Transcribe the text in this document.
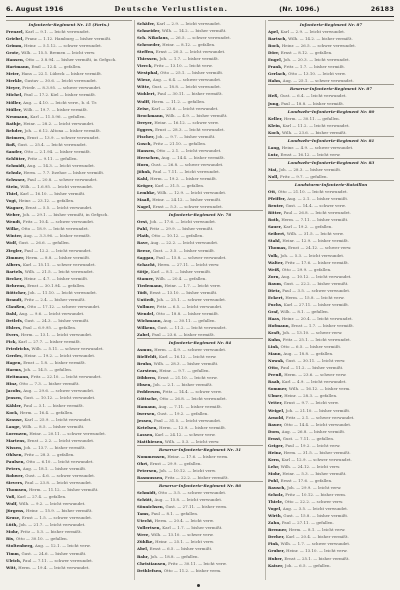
6. August 1916	Deutsche Verlustlisten.	(Nr. 1096.)	26183
Infanterie-Regiment Nr. 15 (Forts.)
Frenzel, Karl — 9.1. — leicht verwundet.
Griebel, Franz — 1.12. Hamburg — bisher vermißt.
Grimm, Heinr. — 5.1.12. — schwer verwundet.
Grote, Wilh. — 15.5. Bremen — leicht verw.
Hansen, Otto — 3.8.94. — bisher vermißt, in Gefgsch.
Hartmann, Emil — 12.4. — gefallen.
Meier, Hans — 22.1. Lübeck — bisher vermißt.
Merkle, Gustav — 30.6. — leicht verwundet.
Meyer, Friedr. — 8.3.95. — schwer verwundet.
Michel, Paul — 17.2. Kiel — bisher vermißt.
Möller, Aug. — 4.10. — leicht verw., b. d. Tr.
Müller, Wilh. — 19.7. — bisher vermißt.
Neumann, Karl — 11.5.96. — gefallen.
Rathje, Heinr. — 28.2. — leicht verwundet.
Rehder, Joh. — 6.12. Altona — bisher vermißt.
Reimers, Ernst — 13.9. — schwer verwundet.
Roß, Gust. — 25.4. — leicht verwundet.
Sander, Otto — 2.1.94. — bisher vermißt.
Schlüter, Fritz — 9.11. — gefallen.
Schmidt, Aug. — 14.3. — leicht verwundet.
Schulz, Herm. — 7.7. Itzehoe — bisher vermißt.
Schwarz, Paul — 20.8. — schwer verwundet.
Stein, Wilh. — 1.6.95. — leicht verwundet.
Thiel, Karl — 16.10. — bisher vermißt.
Vogt, Heinr. — 23.12. — gefallen.
Wagner, Ernst — 5.5. — leicht verwundet.
Weber, Joh. — 29.1. — bisher vermißt, in Gefgsch.
Wendt, Fritz — 10.4. — schwer verwundet.
Wilke, Otto — 18.9. — leicht verwundet.
Winter, Aug. — 3.3.96. — bisher vermißt.
Wolf, Gust. — 26.6. — gefallen.
Ziegler, Paul — 12.2. — leicht verwundet.
Zimmer, Herm. — 8.8. — bisher vermißt.
Albers, Karl — 15.11. — schwer verwundet.
Bartels, Wilh. — 21.5. — leicht verwundet.
Becker, Heinr. — 4.7. — bisher vermißt.
Behrens, Ernst — 30.1.94. — gefallen.
Böttcher, Joh. — 11.10. — leicht verwundet.
Brandt, Fritz — 2.4. — bisher vermißt.
Claußen, Otto — 17.12. — schwer verwundet.
Dahl, Aug. — 9.6. — leicht verwundet.
Detlefs, Gust. — 24.3. — bisher vermißt.
Ehlers, Paul — 6.9.95. — gefallen.
Evers, Herm. — 13.1. — leicht verwundet.
Fick, Karl — 27.7. — bisher vermißt.
Friedrichs, Wilh. — 5.11. — schwer verwundet.
Gerdes, Heinr. — 19.2. — leicht verwundet.
Hagen, Ernst — 1.8. — bisher vermißt.
Harms, Joh. — 14.5. — gefallen.
Heitmann, Fritz — 22.10. — leicht verwundet.
Hinz, Otto — 7.3. — bisher vermißt.
Jacobs, Aug. — 29.6. — schwer verwundet.
Jensen, Gust. — 10.12. — leicht verwundet.
Kähler, Paul — 3.1. — bisher vermißt.
Kock, Herm. — 16.4. — gefallen.
Krause, Karl — 25.9. — leicht verwundet.
Lange, Wilh. — 8.5. — bisher vermißt.
Lorenzen, Heinr. — 20.11. — schwer verwundet.
Martens, Ernst — 2.2. — leicht verwundet.
Nissen, Joh. — 13.7. — bisher vermißt.
Ohlsen, Fritz — 28.3. — gefallen.
Paulsen, Otto — 6.10. — leicht verwundet.
Peters, Aug. — 18.1. — bisher vermißt.
Rohwer, Gust. — 4.6. — schwer verwundet.
Sievers, Paul — 23.8. — leicht verwundet.
Thomsen, Herm. — 11.12. — bisher vermißt.
Voß, Karl — 27.4. — gefallen.
Wulf, Wilh. — 9.2. — leicht verwundet.
Jürgens, Heinr. — 15.9. — bisher vermißt.
Kruse, Ernst — 1.5. — schwer verwundet.
Lüth, Joh. — 21.7. — leicht verwundet.
Mohr, Fritz — 5.3. — bisher vermißt.
Rix, Otto — 30.10. — gefallen.
Stoltenberg, Aug. — 12.1. — leicht verw.
Timm, Gust. — 24.6. — bisher vermißt.
Ulrich, Paul — 7.11. — schwer verwundet.
Witt, Herm. — 19.4. — leicht verwundet.
Schäfer, Karl — 2.9. — leicht verwundet.
Schneider, Wilh. — 14.2. — bisher vermißt.
Sch. Nikolaus, — 26.5. — schwer verwundet.
Schroeder, Heinr. — 8.12. — gefallen.
Steffen, Ernst — 20.3. — leicht verwundet.
Thiessen, Joh. — 1.7. — bisher vermißt.
Vierck, Fritz — 13.10. — leicht verw.
Westphal, Otto — 25.1. — bisher vermißt.
Wiese, Aug. — 6.4. — schwer verwundet.
Witte, Gust. — 18.8. — leicht verwundet.
Wohlert, Paul — 30.11. — bisher vermißt.
Wulff, Herm. — 11.2. — gefallen.
Zeise, Karl — 23.6. — leicht verwundet.
Brockmann, Wilh. — 4.9. — bisher vermißt.
Dreyer, Heinr. — 16.12. — schwer verw.
Eggers, Ernst — 28.3. — leicht verwundet.
Fischer, Joh. — 9.7. — bisher vermißt.
Gosch, Fritz — 21.10. — gefallen.
Hansen, Otto — 2.1. — leicht verwundet.
Heeschen, Aug. — 14.4. — bisher vermißt.
Horn, Gust. — 26.8. — schwer verwundet.
Jöhnk, Paul — 7.11. — leicht verwundet.
Kahl, Herm. — 19.2. — bisher vermißt.
Kröger, Karl — 31.5. — gefallen.
Lembke, Wilh. — 12.9. — leicht verwundet.
Maaß, Heinr. — 24.12. — bisher vermißt.
Nagel, Ernst — 5.3. — schwer verwundet.
Infanterie-Regiment Nr. 76
Oest, Joh. — 17.6. — leicht verwundet.
Pahl, Fritz — 29.9. — bisher vermißt.
Plath, Otto — 10.12. — gefallen.
Rave, Aug. — 22.2. — leicht verwundet.
Reese, Gust. — 3.5. — bisher vermißt.
Saggau, Paul — 15.8. — schwer verwundet.
Schacht, Herm. — 27.11. — leicht verw.
Sötje, Karl — 8.1. — bisher vermißt.
Stamer, Wilh. — 20.4. — gefallen.
Tiedemann, Heinr. — 1.7. — leicht verw.
Tödt, Ernst — 13.10. — bisher vermißt.
Untiedt, Joh. — 25.1. — schwer verwundet.
Vollmer, Fritz — 6.5. — leicht verwundet.
Wendel, Otto — 18.8. — bisher vermißt.
Wichmann, Aug. — 30.11. — gefallen.
Wilkens, Gust. — 11.2. — leicht verwundet.
Zabel, Paul — 23.6. — bisher vermißt.
Infanterie-Regiment Nr. 84
Asmus, Herm. — 4.9. — schwer verwundet.
Bielfeldt, Karl — 16.12. — leicht verw.
Bruhn, Wilh. — 28.3. — bisher vermißt.
Carstens, Heinr. — 9.7. — gefallen.
Dibbern, Ernst — 21.10. — leicht verw.
Ebsen, Joh. — 2.1. — bisher vermißt.
Feddersen, Fritz — 14.4. — schwer verw.
Göttsche, Otto — 26.8. — leicht verwundet.
Hamann, Aug. — 7.11. — bisher vermißt.
Iwersen, Gust. — 19.2. — gefallen.
Jessen, Paul — 31.5. — leicht verwundet.
Ketelsen, Herm. — 12.9. — bisher vermißt.
Lassen, Karl — 24.12. — schwer verw.
Matthiesen, Wilh. — 5.3. — leicht verw.
Reserve-Infanterie-Regiment Nr. 31
Nommensen, Heinr. — 17.6. — bisher verm.
Ohrt, Ernst — 29.9. — gefallen.
Petersen, Joh. — 10.12. — leicht verw.
Rasmussen, Fritz — 22.2. — bisher vermißt.
Reserve-Infanterie-Regiment Nr. 86
Schmidt, Otto — 3.5. — schwer verwundet.
Schütt, Aug. — 15.8. — leicht verwundet.
Sönnichsen, Gust. — 27.11. — bisher verm.
Tams, Paul — 8.1. — gefallen.
Utecht, Herm. — 20.4. — leicht verw.
Vollertsen, Karl — 1.7. — bisher vermißt.
Wree, Wilh. — 13.10. — schwer verw.
Zühlke, Heinr. — 25.1. — leicht verw.
Abel, Ernst — 6.5. — bisher vermißt.
Bahr, Joh. — 18.8. — gefallen.
Christiansen, Fritz — 30.11. — leicht verw.
Dethlefsen, Otto — 11.2. — bisher verm.
Infanterie-Regiment Nr. 87
Apel, Karl — 2.9. — leicht verwundet.
Bartsch, Wilh. — 14.2. — bisher vermißt.
Bock, Heinr. — 26.5. — schwer verwundet.
Dörr, Ernst — 8.12. — gefallen.
Engel, Joh. — 20.3. — leicht verwundet.
Frank, Fritz — 1.7. — bisher vermißt.
Gerlach, Otto — 13.10. — leicht verw.
Hahn, Aug. — 25.1. — schwer verwundet.
Reserve-Infanterie-Regiment Nr. 87
Heß, Gust. — 6.4. — leicht verwundet.
Jung, Paul — 18.8. — bisher vermißt.
Landwehr-Infanterie-Regiment Nr. 80
Keller, Herm. — 30.11. — gefallen.
Klein, Karl — 11.2. — leicht verwundet.
Koch, Wilh. — 23.6. — bisher vermißt.
Landwehr-Infanterie-Regiment Nr. 81
Lang, Heinr. — 4.9. — schwer verwundet.
Lutz, Ernst — 16.12. — leicht verw.
Landwehr-Infanterie-Regiment Nr. 83
Mai, Joh. — 28.3. — bisher vermißt.
Noll, Fritz — 9.7. — gefallen.
Landsturm-Infanterie-Bataillon
Ott, Otto — 21.10. — leicht verwundet.
Pfeiffer, Aug. — 2.1. — bisher vermißt.
Reuter, Gust. — 14.4. — schwer verw.
Ritter, Paul — 26.8. — leicht verwundet.
Roth, Herm. — 7.11. — bisher vermißt.
Sauer, Karl — 19.2. — gefallen.
Seibert, Wilh. — 31.5. — leicht verw.
Stahl, Heinr. — 12.9. — bisher vermißt.
Thomas, Ernst — 24.12. — schwer verw.
Volk, Joh. — 5.3. — leicht verwundet.
Walter, Fritz — 17.6. — bisher vermißt.
Weiß, Otto — 29.9. — gefallen.
Zorn, Aug. — 10.12. — leicht verwundet.
Baum, Gust. — 22.2. — bisher vermißt.
Dietz, Paul — 3.5. — schwer verwundet.
Eckert, Herm. — 15.8. — leicht verw.
Fuchs, Karl — 27.11. — bisher vermißt.
Graf, Wilh. — 8.1. — gefallen.
Haas, Heinr. — 20.4. — leicht verwundet.
Hofmann, Ernst — 1.7. — bisher vermißt.
Kraft, Joh. — 13.10. — schwer verw.
Kuhn, Fritz — 25.1. — leicht verwundet.
Link, Otto — 6.5. — bisher vermißt.
Mann, Aug. — 18.8. — gefallen.
Nowak, Gust. — 30.11. — leicht verw.
Otto, Paul — 11.2. — bisher vermißt.
Preuß, Herm. — 23.6. — schwer verw.
Raab, Karl — 4.9. — leicht verwundet.
Sommer, Wilh. — 16.12. — bisher verm.
Ulmer, Heinr. — 28.3. — gefallen.
Vetter, Ernst — 9.7. — leicht verw.
Weigel, Joh. — 21.10. — bisher vermißt.
Arnold, Fritz — 2.1. — schwer verwundet.
Bauer, Otto — 14.4. — leicht verwundet.
Dorn, Aug. — 26.8. — bisher vermißt.
Ernst, Gust. — 7.11. — gefallen.
Geiger, Paul — 19.2. — leicht verw.
Heinz, Herm. — 31.5. — bisher vermißt.
Kern, Karl — 12.9. — schwer verwundet.
Lehr, Wilh. — 24.12. — leicht verw.
Mohr, Heinr. — 5.3. — bisher vermißt.
Pohl, Ernst — 17.6. — gefallen.
Rausch, Joh. — 29.9. — leicht verw.
Scholz, Fritz — 10.12. — bisher verm.
Thiele, Otto — 22.2. — schwer verw.
Vogel, Aug. — 3.5. — leicht verwundet.
Wirth, Gust. — 15.8. — bisher vermißt.
Zahn, Paul — 27.11. — gefallen.
Brenner, Herm. — 8.1. — leicht verw.
Dreher, Karl — 20.4. — bisher vermißt.
Fink, Wilh. — 1.7. — schwer verwundet.
Gruber, Heinr. — 13.10. — leicht verw.
Huber, Ernst — 25.1. — bisher vermißt.
Kaiser, Joh. — 6.5. — gefallen.
